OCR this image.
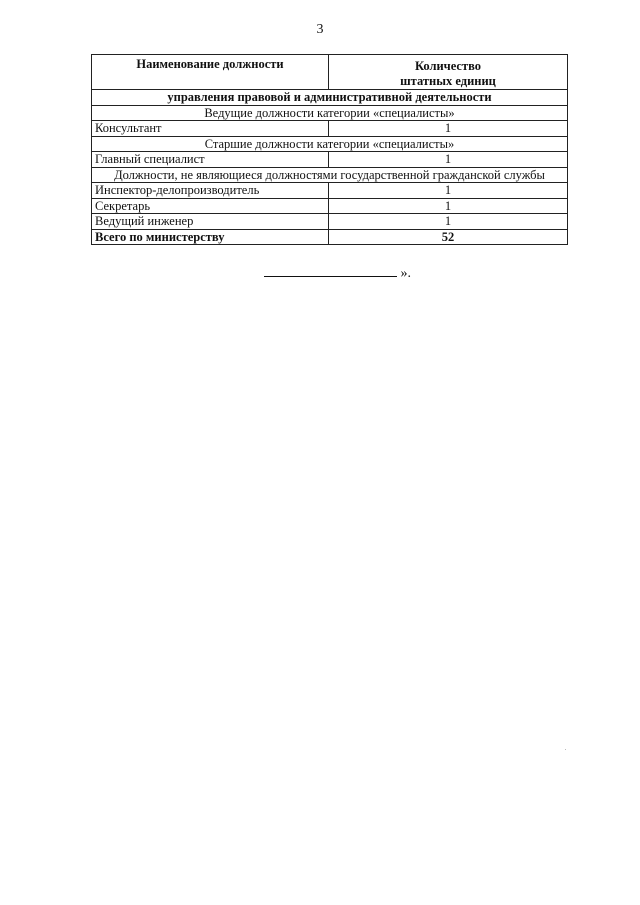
3
Наименование должности	Количество
штатных единиц
управления правовой и административной деятельности	
Ведущие должности категории «специалисты»	
Консультант	1
Старшие должности категории «специалисты»	
Главный специалист	1
Должности, не являющиеся должностями государственной гражданской службы	
Инспектор-делопроизводитель	1
Секретарь	1
Ведущий инженер	1
Всего по министерству	52
».
